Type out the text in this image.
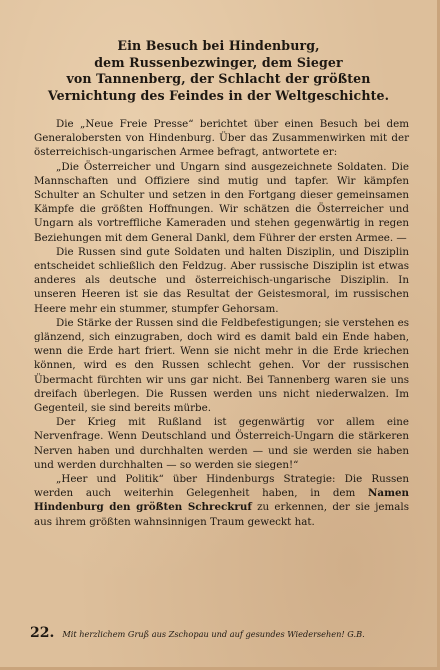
Ein Besuch bei Hindenburg,
dem Russenbezwinger, dem Sieger
von Tannenberg, der Schlacht der größten
Vernichtung des Feindes in der Weltgeschichte.

Die „Neue Freie Presse“ berichtet über einen Besuch bei dem Generalobersten von Hindenburg. Über das Zusammenwirken mit der österreichisch-ungarischen Armee befragt, antwortete er:

„Die Österreicher und Ungarn sind ausgezeichnete Soldaten. Die Mannschaften und Offiziere sind mutig und tapfer. Wir kämpfen Schulter an Schulter und setzen in den Fortgang dieser gemeinsamen Kämpfe die größten Hoffnungen. Wir schätzen die Österreicher und Ungarn als vortreffliche Kameraden und stehen gegenwärtig in regen Beziehungen mit dem General Dankl, dem Führer der ersten Armee. —

Die Russen sind gute Soldaten und halten Disziplin, und Disziplin entscheidet schließlich den Feldzug. Aber russische Disziplin ist etwas anderes als deutsche und österreichisch-ungarische Disziplin. In unseren Heeren ist sie das Resultat der Geistesmoral, im russischen Heere mehr ein stummer, stumpfer Gehorsam.

Die Stärke der Russen sind die Feldbefestigungen; sie verstehen es glänzend, sich einzugraben, doch wird es damit bald ein Ende haben, wenn die Erde hart friert. Wenn sie nicht mehr in die Erde kriechen können, wird es den Russen schlecht gehen. Vor der russischen Übermacht fürchten wir uns gar nicht. Bei Tannenberg waren sie uns dreifach überlegen. Die Russen werden uns nicht niederwalzen. Im Gegenteil, sie sind bereits mürbe.

Der Krieg mit Rußland ist gegenwärtig vor allem eine Nervenfrage. Wenn Deutschland und Österreich-Ungarn die stärkeren Nerven haben und durchhalten werden — und sie werden sie haben und werden durchhalten — so werden sie siegen!“

„Heer und Politik“ über Hindenburgs Strategie: Die Russen werden auch weiterhin Gelegenheit haben, in dem Namen Hindenburg den größten Schreckruf zu erkennen, der sie jemals aus ihrem größten wahnsinnigen Traum geweckt hat.

22. Mit herzlichem Gruß aus Zschopau und auf gesundes Wiedersehen! G.B.
